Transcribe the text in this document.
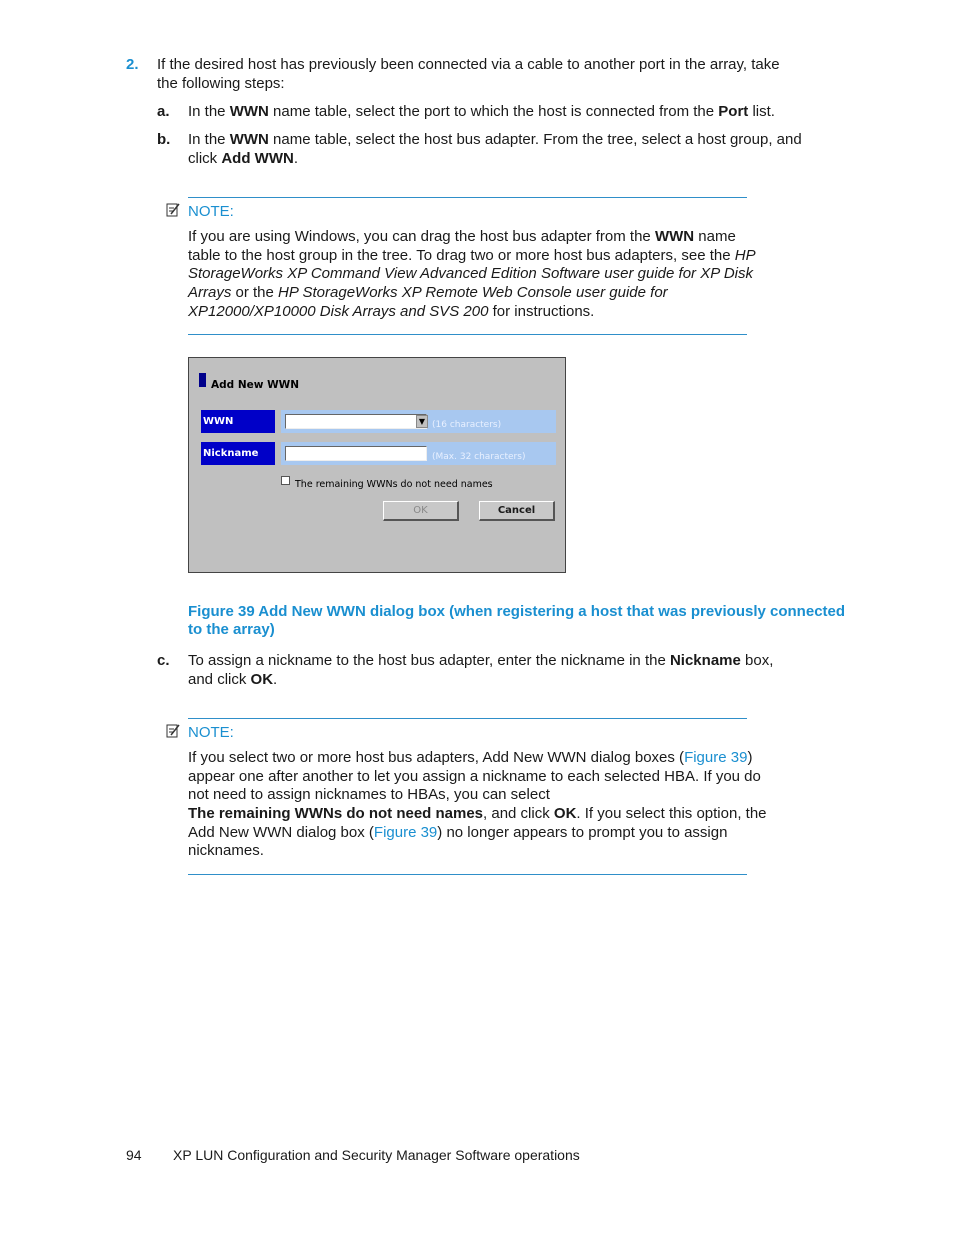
2. If the desired host has previously been connected via a cable to another port in the array, take
the following steps:
a. In the WWN name table, select the port to which the host is connected from the Port list.
b. In the WWN name table, select the host bus adapter. From the tree, select a host group, and
click Add WWN.
NOTE:
If you are using Windows, you can drag the host bus adapter from the WWN name
table to the host group in the tree. To drag two or more host bus adapters, see the HP
StorageWorks XP Command View Advanced Edition Software user guide for XP Disk
Arrays or the HP StorageWorks XP Remote Web Console user guide for
XP12000/XP10000 Disk Arrays and SVS 200 for instructions.
Add New WWN
WWN	▼ (16 characters)
Nickname	(Max. 32 characters)
The remaining WWNs do not need names
OK	Cancel
Figure 39 Add New WWN dialog box (when registering a host that was previously connected
to the array)
c. To assign a nickname to the host bus adapter, enter the nickname in the Nickname box,
and click OK.
NOTE:
If you select two or more host bus adapters, Add New WWN dialog boxes (Figure 39)
appear one after another to let you assign a nickname to each selected HBA. If you do
not need to assign nicknames to HBAs, you can select
The remaining WWNs do not need names, and click OK. If you select this option, the
Add New WWN dialog box (Figure 39) no longer appears to prompt you to assign
nicknames.
94 XP LUN Configuration and Security Manager Software operations
